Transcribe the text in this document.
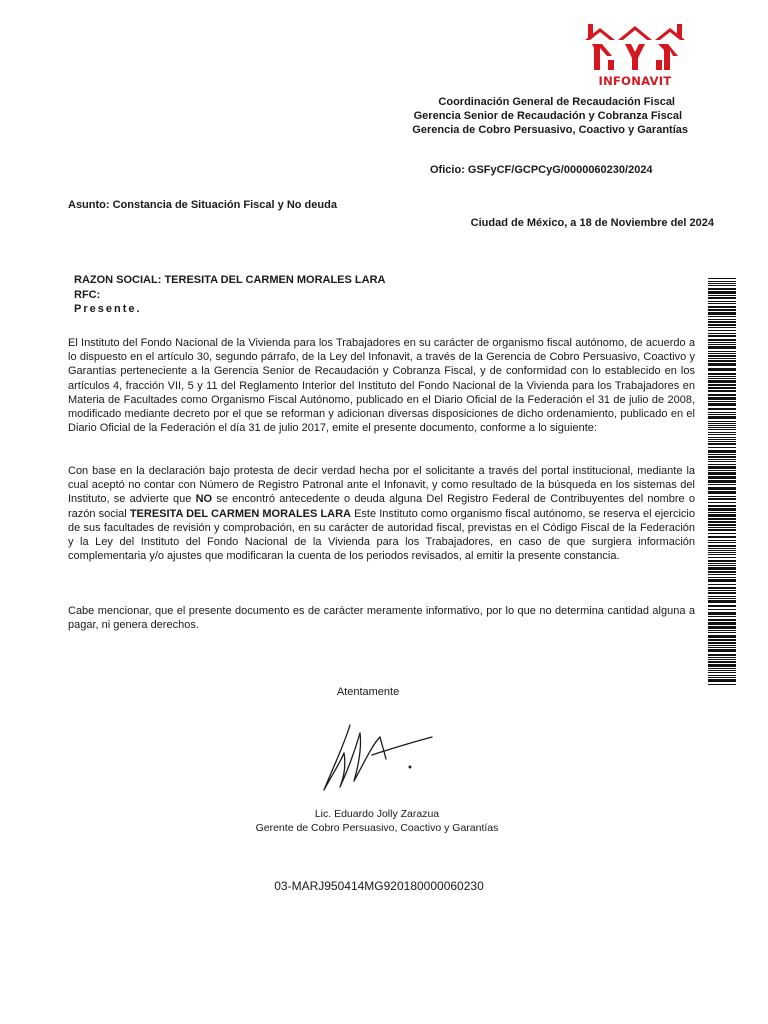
INFONAVIT
Coordinación General de Recaudación Fiscal
Gerencia Senior de Recaudación y Cobranza Fiscal
Gerencia de Cobro Persuasivo, Coactivo y Garantías
Oficio: GSFyCF/GCPCyG/0000060230/2024
Asunto: Constancia de Situación Fiscal y No deuda
Ciudad de México, a 18 de Noviembre del 2024
RAZON SOCIAL: TERESITA DEL CARMEN MORALES LARA
RFC:
Presente.
El Instituto del Fondo Nacional de la Vivienda para los Trabajadores en su carácter de organismo fiscal autónomo, de acuerdo a lo dispuesto en el artículo 30, segundo párrafo, de la Ley del Infonavit, a través de la Gerencia de Cobro Persuasivo, Coactivo y Garantías perteneciente a la Gerencia Senior de Recaudación y Cobranza Fiscal, y de conformidad con lo establecido en los artículos 4, fracción VII, 5 y 11 del Reglamento Interior del Instituto del Fondo Nacional de la Vivienda para los Trabajadores en Materia de Facultades como Organismo Fiscal Autónomo, publicado en el Diario Oficial de la Federación el 31 de julio de 2008, modificado mediante decreto por el que se reforman y adicionan diversas disposiciones de dicho ordenamiento, publicado en el Diario Oficial de la Federación el día 31 de julio 2017, emite el presente documento, conforme a lo siguiente:
Con base en la declaración bajo protesta de decir verdad hecha por el solicitante a través del portal institucional, mediante la cual aceptó no contar con Número de Registro Patronal ante el Infonavit, y como resultado de la búsqueda en los sistemas del Instituto, se advierte que NO se encontró antecedente o deuda alguna Del Registro Federal de Contribuyentes del nombre o razón social TERESITA DEL CARMEN MORALES LARA Este Instituto como organismo fiscal autónomo, se reserva el ejercicio de sus facultades de revisión y comprobación, en su carácter de autoridad fiscal, previstas en el Código Fiscal de la Federación y la Ley del Instituto del Fondo Nacional de la Vivienda para los Trabajadores, en caso de que surgiera información complementaria y/o ajustes que modificaran la cuenta de los periodos revisados, al emitir la presente constancia.
Cabe mencionar, que el presente documento es de carácter meramente informativo, por lo que no determina cantidad alguna a pagar, ni genera derechos.
Atentamente
Lic. Eduardo Jolly Zarazua
Gerente de Cobro Persuasivo, Coactivo y Garantías
03-MARJ950414MG920180000060230
